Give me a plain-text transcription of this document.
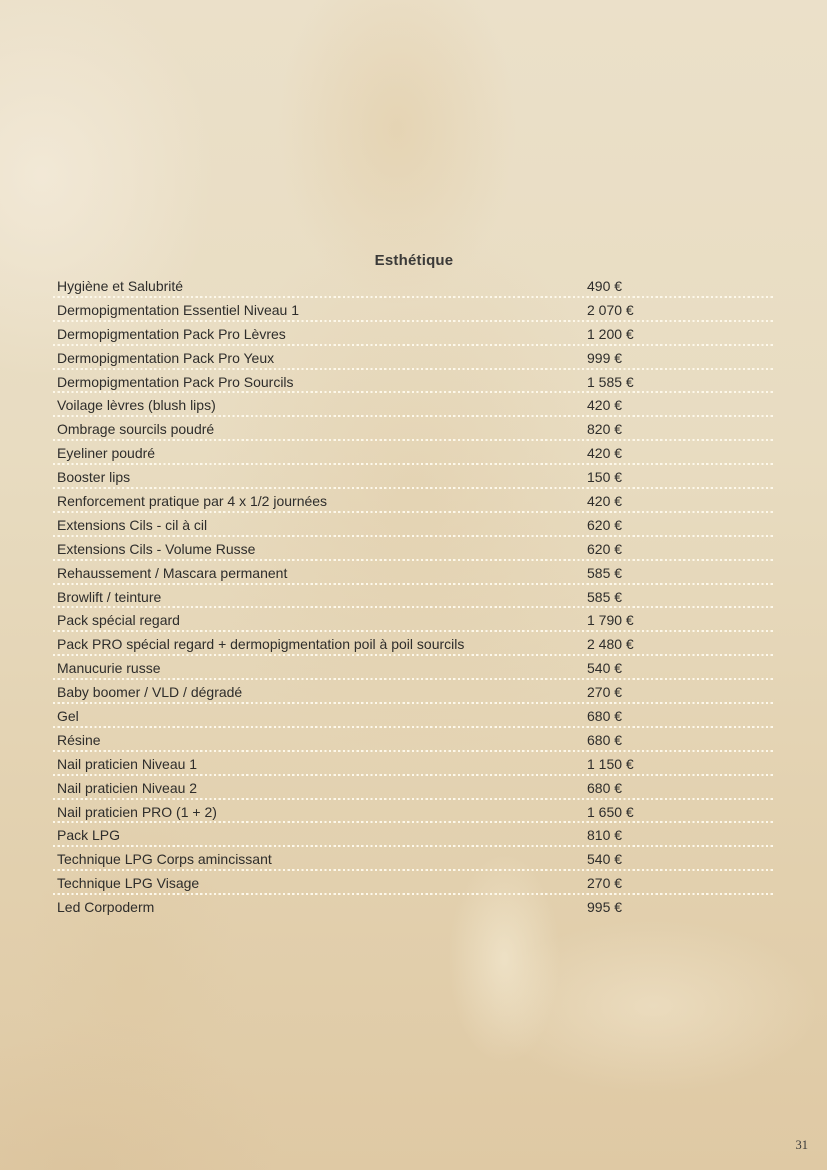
Esthétique
Hygiène et Salubrité	490 €
Dermopigmentation Essentiel Niveau 1	2 070 €
Dermopigmentation Pack Pro Lèvres	1 200 €
Dermopigmentation Pack Pro Yeux	999 €
Dermopigmentation Pack Pro Sourcils	1 585 €
Voilage lèvres (blush lips)	420 €
Ombrage sourcils poudré	820 €
Eyeliner poudré	420 €
Booster lips	150 €
Renforcement pratique par 4 x 1/2 journées	420 €
Extensions Cils - cil à cil	620 €
Extensions Cils - Volume Russe	620 €
Rehaussement / Mascara permanent	585 €
Browlift / teinture	585 €
Pack spécial regard	1 790 €
Pack PRO spécial regard + dermopigmentation poil à poil sourcils	2 480 €
Manucurie russe	540 €
Baby boomer / VLD / dégradé	270 €
Gel	680 €
Résine	680 €
Nail praticien Niveau 1	1 150 €
Nail praticien Niveau 2	680 €
Nail praticien PRO (1 + 2)	1 650 €
Pack LPG	810 €
Technique LPG Corps amincissant	540 €
Technique LPG Visage	270 €
Led Corpoderm	995 €
31
